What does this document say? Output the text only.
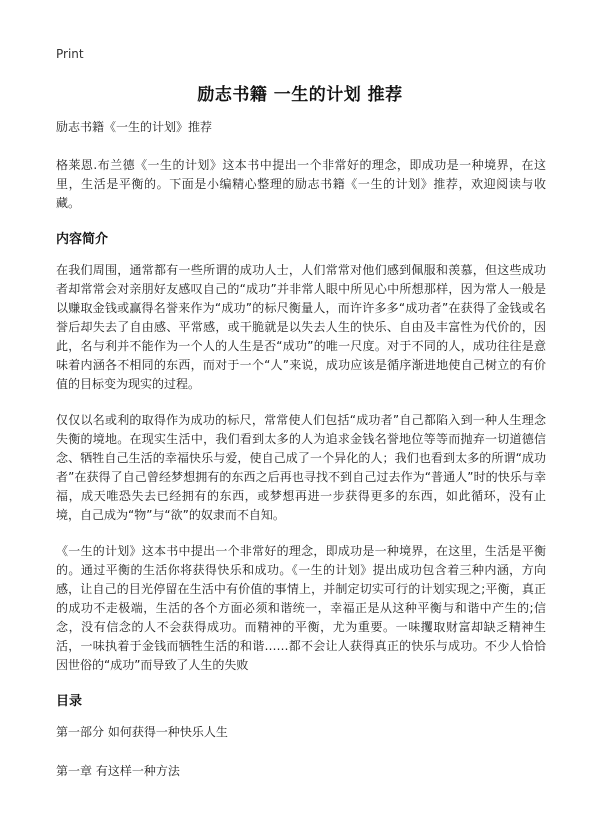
Print
励志书籍 一生的计划 推荐

励志书籍《一生的计划》推荐

格莱恩.布兰德《一生的计划》这本书中提出一个非常好的理念，即成功是一种境界，在这里，生活是平衡的。下面是小编精心整理的励志书籍《一生的计划》推荐，欢迎阅读与收藏。

内容简介

在我们周围，通常都有一些所谓的成功人士，人们常常对他们感到佩服和羡慕，但这些成功者却常常会对亲朋好友感叹自己的“成功”并非常人眼中所见心中所想那样，因为常人一般是以赚取金钱或赢得名誉来作为“成功”的标尺衡量人，而许许多多“成功者”在获得了金钱或名誉后却失去了自由感、平常感，或干脆就是以失去人生的快乐、自由及丰富性为代价的，因此，名与利并不能作为一个人的人生是否“成功”的唯一尺度。对于不同的人，成功往往是意味着内涵各不相同的东西，而对于一个“人”来说，成功应该是循序渐进地使自己树立的有价值的目标变为现实的过程。

仅仅以名或利的取得作为成功的标尺，常常使人们包括“成功者”自己都陷入到一种人生理念失衡的境地。在现实生活中，我们看到太多的人为追求金钱名誉地位等等而抛弃一切道德信念、牺牲自己生活的幸福快乐与爱，使自己成了一个异化的人；我们也看到太多的所谓“成功者”在获得了自己曾经梦想拥有的东西之后再也寻找不到自己过去作为“普通人”时的快乐与幸福，成天唯恐失去已经拥有的东西，或梦想再进一步获得更多的东西，如此循环，没有止境，自己成为“物”与“欲”的奴隶而不自知。

《一生的计划》这本书中提出一个非常好的理念，即成功是一种境界，在这里，生活是平衡的。通过平衡的生活你将获得快乐和成功。《一生的计划》提出成功包含着三种内涵，方向感，让自己的目光停留在生活中有价值的事情上，并制定切实可行的计划实现之;平衡，真正的成功不走极端，生活的各个方面必须和谐统一，幸福正是从这种平衡与和谐中产生的;信念，没有信念的人不会获得成功。而精神的平衡，尤为重要。一味攫取财富却缺乏精神生活，一味执着于金钱而牺牲生活的和谐……都不会让人获得真正的快乐与成功。不少人恰恰因世俗的“成功”而导致了人生的失败

目录

第一部分 如何获得一种快乐人生

第一章 有这样一种方法
